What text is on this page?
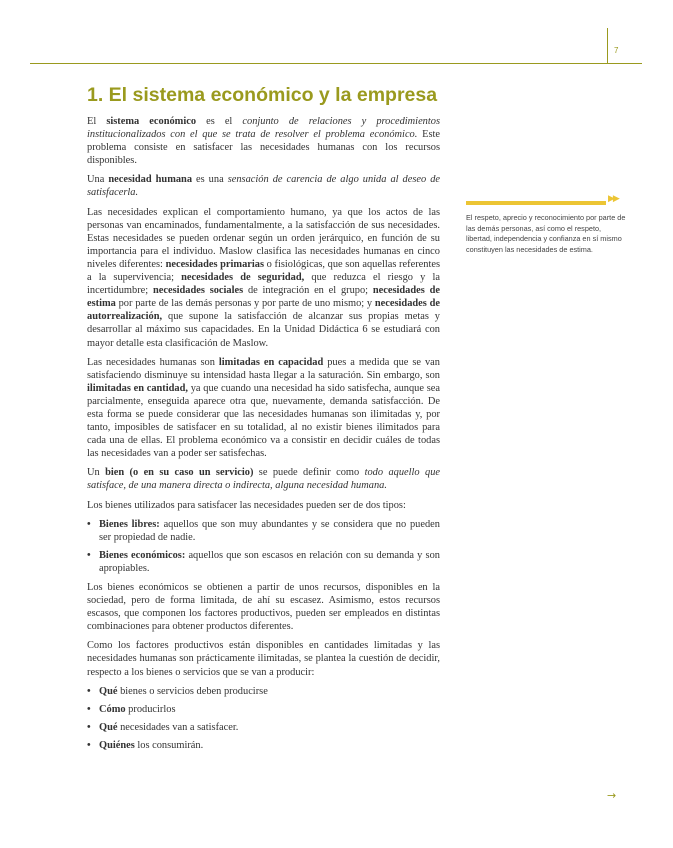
7
1. El sistema económico y la empresa

El sistema económico es el conjunto de relaciones y procedimientos institucionalizados con el que se trata de resolver el problema económico. Este problema consiste en satisfacer las necesidades humanas con los recursos disponibles.

Una necesidad humana es una sensación de carencia de algo unida al deseo de satisfacerla.

Las necesidades explican el comportamiento humano, ya que los actos de las personas van encaminados, fundamentalmente, a la satisfacción de sus necesidades. Estas necesidades se pueden ordenar según un orden jerárquico, en función de su importancia para el individuo. Maslow clasifica las necesidades humanas en cinco niveles diferentes: necesidades primarias o fisiológicas, que son aquellas referentes a la supervivencia; necesidades de seguridad, que reduzca el riesgo y la incertidumbre; necesidades sociales de integración en el grupo; necesidades de estima por parte de las demás personas y por parte de uno mismo; y necesidades de autorrealización, que supone la satisfacción de alcanzar sus propias metas y desarrollar al máximo sus capacidades. En la Unidad Didáctica 6 se estudiará con mayor detalle esta clasificación de Maslow.

Las necesidades humanas son limitadas en capacidad pues a medida que se van satisfaciendo disminuye su intensidad hasta llegar a la saturación. Sin embargo, son ilimitadas en cantidad, ya que cuando una necesidad ha sido satisfecha, aunque sea parcialmente, enseguida aparece otra que, nuevamente, demanda satisfacción. De esta forma se puede considerar que las necesidades humanas son ilimitadas y, por tanto, imposibles de satisfacer en su totalidad, al no existir bienes ilimitados para cada una de ellas. El problema económico va a consistir en decidir cuáles de todas las necesidades van a poder ser satisfechas.

Un bien (o en su caso un servicio) se puede definir como todo aquello que satisface, de una manera directa o indirecta, alguna necesidad humana.

Los bienes utilizados para satisfacer las necesidades pueden ser de dos tipos:

• Bienes libres: aquellos que son muy abundantes y se considera que no pueden ser propiedad de nadie.
• Bienes económicos: aquellos que son escasos en relación con su demanda y son apropiables.

Los bienes económicos se obtienen a partir de unos recursos, disponibles en la sociedad, pero de forma limitada, de ahí su escasez. Asimismo, estos recursos escasos, que componen los factores productivos, pueden ser empleados en distintas combinaciones para obtener productos diferentes.

Como los factores productivos están disponibles en cantidades limitadas y las necesidades humanas son prácticamente ilimitadas, se plantea la cuestión de decidir, respecto a los bienes o servicios que se van a producir:

• Qué bienes o servicios deben producirse
• Cómo producirlos
• Qué necesidades van a satisfacer.
• Quiénes los consumirán.
▶▶
El respeto, aprecio y reconocimiento por parte de las demás personas, así como el respeto, libertad, independencia y confianza en sí mismo constituyen las necesidades de estima.
→
